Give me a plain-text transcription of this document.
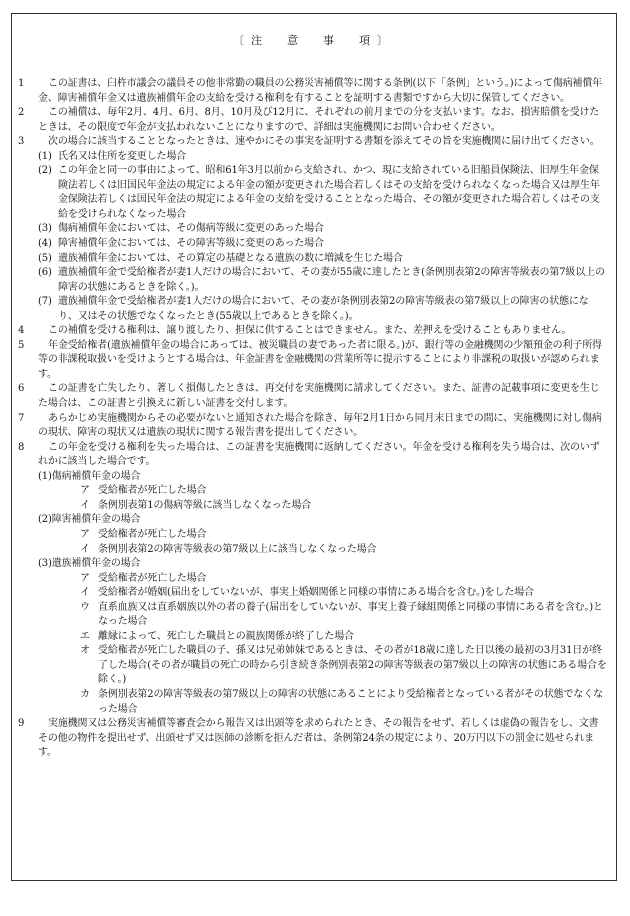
〔注　意　事　項〕
1	この証書は、臼杵市議会の議員その他非常勤の職員の公務災害補償等に関する条例(以下「条例」という。)によって傷病補償年金、障害補償年金又は遺族補償年金の支給を受ける権利を有することを証明する書類ですから大切に保管してください。
2	この補償は、毎年2月、4月、6月、8月、10月及び12月に、それぞれの前月までの分を支払います。なお、損害賠償を受けたときは、その限度で年金が支払われないことになりますので、詳細は実施機関にお問い合わせください。
3	次の場合に該当することとなったときは、速やかにその事実を証明する書類を添えてその旨を実施機関に届け出てください。
(1) 氏名又は住所を変更した場合
(2) この年金と同一の事由によって、昭和61年3月以前から支給され、かつ、現に支給されている旧船員保険法、旧厚生年金保険法若しくは旧国民年金法の規定による年金の額が変更された場合若しくはその支給を受けられなくなった場合又は厚生年金保険法若しくは国民年金法の規定による年金の支給を受けることとなった場合、その額が変更された場合若しくはその支給を受けられなくなった場合
(3) 傷病補償年金においては、その傷病等級に変更のあった場合
(4) 障害補償年金においては、その障害等級に変更のあった場合
(5) 遺族補償年金においては、その算定の基礎となる遺族の数に増減を生じた場合
(6) 遺族補償年金で受給権者が妻1人だけの場合において、その妻が55歳に達したとき(条例別表第2の障害等級表の第7級以上の障害の状態にあるときを除く。)。
(7) 遺族補償年金で受給権者が妻1人だけの場合において、その妻が条例別表第2の障害等級表の第7級以上の障害の状態になり、又はその状態でなくなったとき(55歳以上であるときを除く。)。
4	この補償を受ける権利は、譲り渡したり、担保に供することはできません。また、差押えを受けることもありません。
5	年金受給権者(遺族補償年金の場合にあっては、被災職員の妻であった者に限る。)が、銀行等の金融機関の少額預金の利子所得等の非課税取扱いを受けようとする場合は、年金証書を金融機関の営業所等に提示することにより非課税の取扱いが認められます。
6	この証書を亡失したり、著しく損傷したときは、再交付を実施機関に請求してください。また、証書の記載事項に変更を生じた場合は、この証書と引換えに新しい証書を交付します。
7	あらかじめ実施機関からその必要がないと通知された場合を除き、毎年2月1日から同月末日までの間に、実施機関に対し傷病の現状、障害の現状又は遺族の現状に関する報告書を提出してください。
8	この年金を受ける権利を失った場合は、この証書を実施機関に返納してください。年金を受ける権利を失う場合は、次のいずれかに該当した場合です。
(1)傷病補償年金の場合
ア 受給権者が死亡した場合
イ 条例別表第1の傷病等級に該当しなくなった場合
(2)障害補償年金の場合
ア 受給権者が死亡した場合
イ 条例別表第2の障害等級表の第7級以上に該当しなくなった場合
(3)遺族補償年金の場合
ア 受給権者が死亡した場合
イ 受給権者が婚姻(届出をしていないが、事実上婚姻関係と同様の事情にある場合を含む。)をした場合
ウ 直系血族又は直系姻族以外の者の養子(届出をしていないが、事実上養子縁組関係と同様の事情にある者を含む。)となった場合
エ 離縁によって、死亡した職員との親族関係が終了した場合
オ 受給権者が死亡した職員の子、孫又は兄弟姉妹であるときは、その者が18歳に達した日以後の最初の3月31日が終了した場合(その者が職員の死亡の時から引き続き条例別表第2の障害等級表の第7級以上の障害の状態にある場合を除く。)
カ 条例別表第2の障害等級表の第7級以上の障害の状態にあることにより受給権者となっている者がその状態でなくなった場合
9	実施機関又は公務災害補償等審査会から報告又は出頭等を求められたとき、その報告をせず、若しくは虚偽の報告をし、文書その他の物件を提出せず、出頭せず又は医師の診断を拒んだ者は、条例第24条の規定により、20万円以下の罰金に処せられます。
